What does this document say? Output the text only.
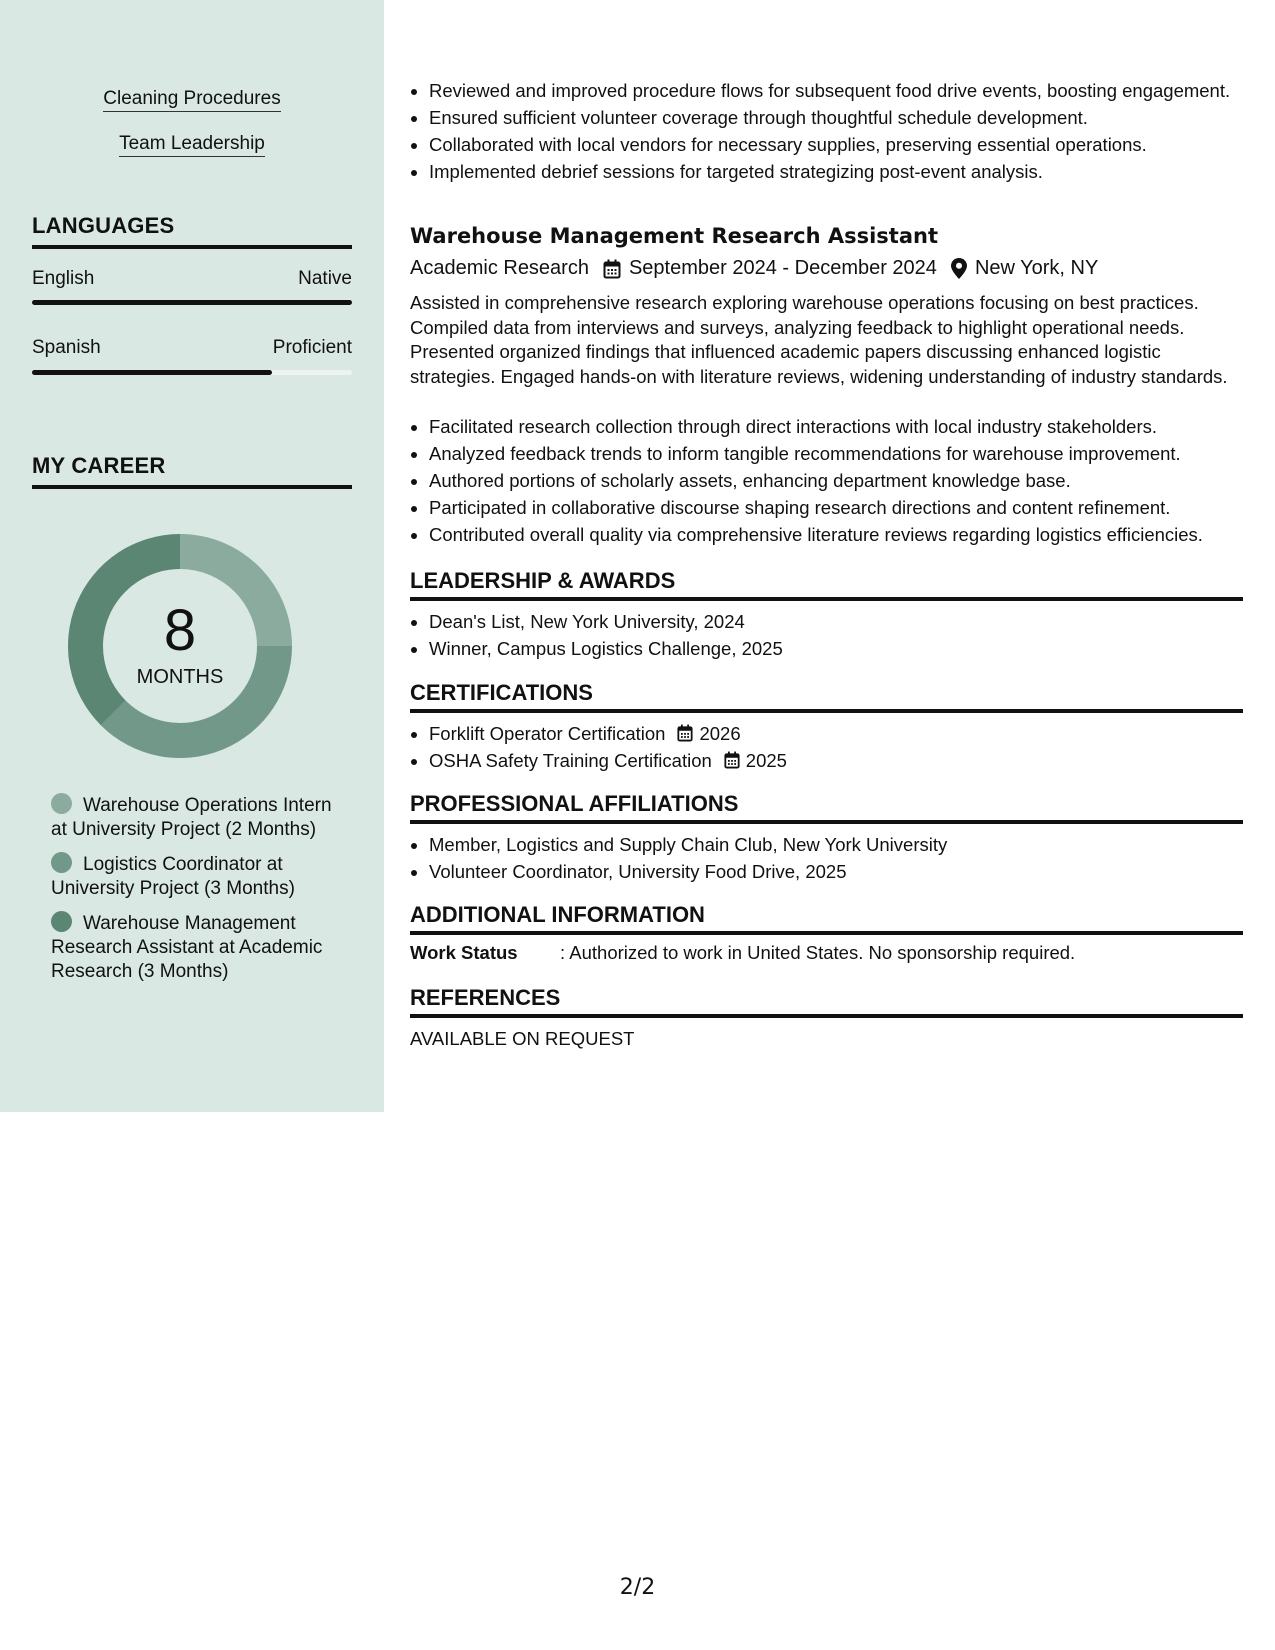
Cleaning Procedures
Team Leadership
LANGUAGES
English	Native
Spanish	Proficient
MY CAREER
8
MONTHS
Warehouse Operations Intern at University Project (2 Months)
Logistics Coordinator at University Project (3 Months)
Warehouse Management Research Assistant at Academic Research (3 Months)
• Reviewed and improved procedure flows for subsequent food drive events, boosting engagement.
• Ensured sufficient volunteer coverage through thoughtful schedule development.
• Collaborated with local vendors for necessary supplies, preserving essential operations.
• Implemented debrief sessions for targeted strategizing post-event analysis.
Warehouse Management Research Assistant
Academic Research September 2024 - December 2024 New York, NY
Assisted in comprehensive research exploring warehouse operations focusing on best practices. Compiled data from interviews and surveys, analyzing feedback to highlight operational needs. Presented organized findings that influenced academic papers discussing enhanced logistic strategies. Engaged hands-on with literature reviews, widening understanding of industry standards.
• Facilitated research collection through direct interactions with local industry stakeholders.
• Analyzed feedback trends to inform tangible recommendations for warehouse improvement.
• Authored portions of scholarly assets, enhancing department knowledge base.
• Participated in collaborative discourse shaping research directions and content refinement.
• Contributed overall quality via comprehensive literature reviews regarding logistics efficiencies.
LEADERSHIP & AWARDS
• Dean's List, New York University, 2024
• Winner, Campus Logistics Challenge, 2025
CERTIFICATIONS
• Forklift Operator Certification 2026
• OSHA Safety Training Certification 2025
PROFESSIONAL AFFILIATIONS
• Member, Logistics and Supply Chain Club, New York University
• Volunteer Coordinator, University Food Drive, 2025
ADDITIONAL INFORMATION
Work Status : Authorized to work in United States. No sponsorship required.
REFERENCES
AVAILABLE ON REQUEST
2/2
